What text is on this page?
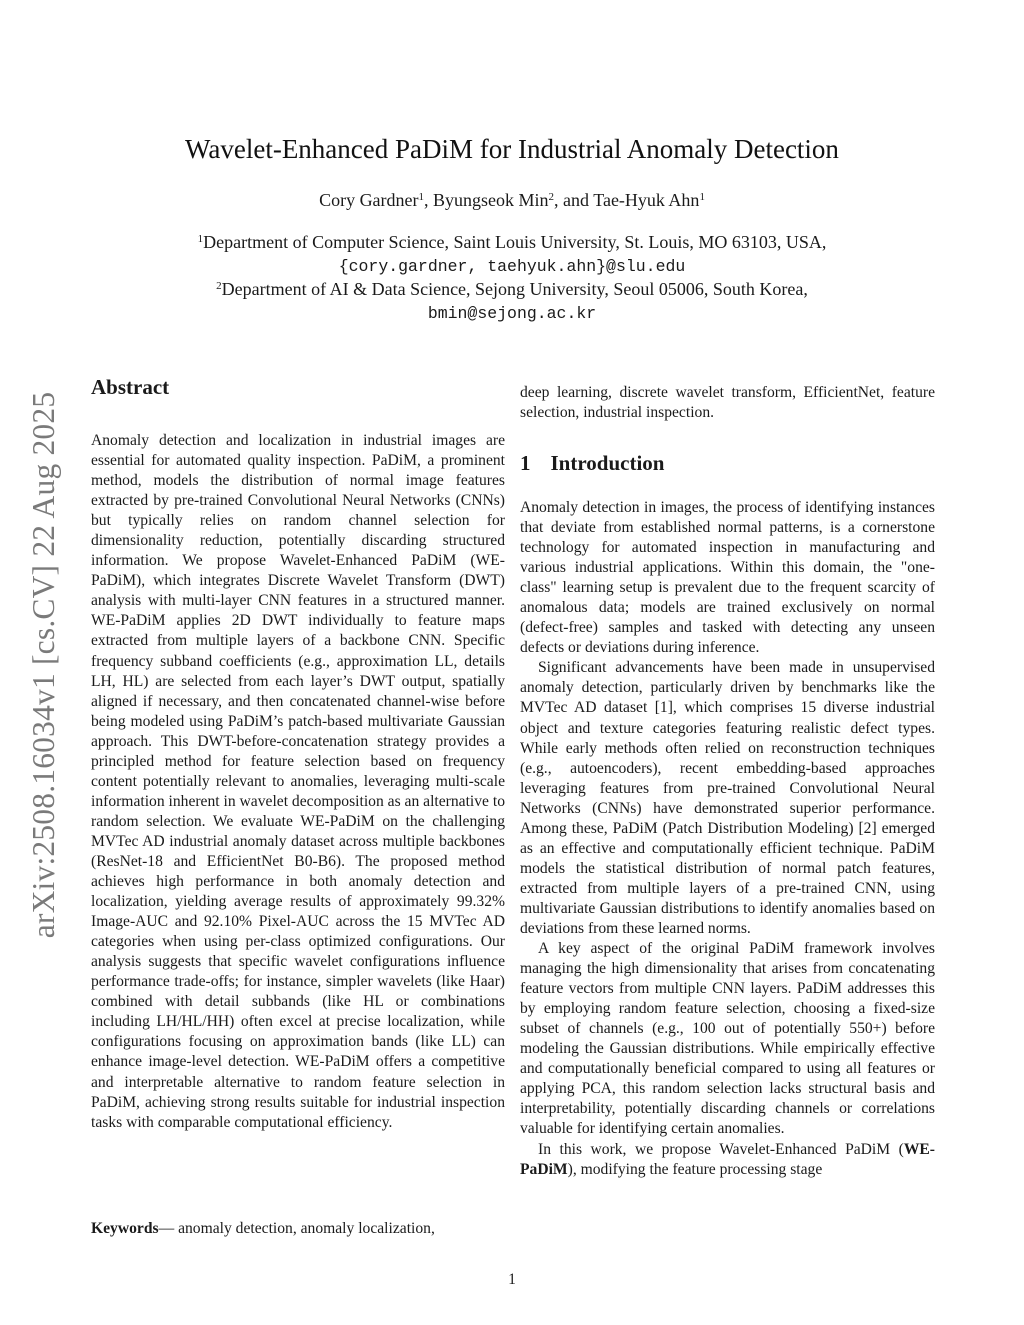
arXiv:2508.16034v1 [cs.CV] 22 Aug 2025
Wavelet-Enhanced PaDiM for Industrial Anomaly Detection
Cory Gardner$^1$, Byungseok Min$^2$, and Tae-Hyuk Ahn$^1$
$^1$Department of Computer Science, Saint Louis University, St. Louis, MO 63103, USA,
{cory.gardner, taehyuk.ahn}@slu.edu
$^2$Department of AI & Data Science, Sejong University, Seoul 05006, South Korea,
bmin@sejong.ac.kr
Abstract

Anomaly detection and localization in industrial images are essential for automated quality inspection. PaDiM, a prominent method, models the distribution of normal image features extracted by pre-trained Convolutional Neural Networks (CNNs) but typically relies on random channel selection for dimensionality reduction, potentially discarding structured information. We propose Wavelet-Enhanced PaDiM (WE-PaDiM), which integrates Discrete Wavelet Transform (DWT) analysis with multi-layer CNN features in a structured manner. WE-PaDiM applies 2D DWT individually to feature maps extracted from multiple layers of a backbone CNN. Specific frequency subband coefficients (e.g., approximation LL, details LH, HL) are selected from each layer’s DWT output, spatially aligned if necessary, and then concatenated channel-wise before being modeled using PaDiM’s patch-based multivariate Gaussian approach. This DWT-before-concatenation strategy provides a principled method for feature selection based on frequency content potentially relevant to anomalies, leveraging multi-scale information inherent in wavelet decomposition as an alternative to random selection. We evaluate WE-PaDiM on the challenging MVTec AD industrial anomaly dataset across multiple backbones (ResNet-18 and EfficientNet B0-B6). The proposed method achieves high performance in both anomaly detection and localization, yielding average results of approximately 99.32% Image-AUC and 92.10% Pixel-AUC across the 15 MVTec AD categories when using per-class optimized configurations. Our analysis suggests that specific wavelet configurations influence performance trade-offs; for instance, simpler wavelets (like Haar) combined with detail subbands (like HL or combinations including LH/HL/HH) often excel at precise localization, while configurations focusing on approximation bands (like LL) can enhance image-level detection. WE-PaDiM offers a competitive and interpretable alternative to random feature selection in PaDiM, achieving strong results suitable for industrial inspection tasks with comparable computational efficiency.

Keywords— anomaly detection, anomaly localization,

deep learning, discrete wavelet transform, EfficientNet, feature selection, industrial inspection.

1 Introduction

Anomaly detection in images, the process of identifying instances that deviate from established normal patterns, is a cornerstone technology for automated inspection in manufacturing and various industrial applications. Within this domain, the "one-class" learning setup is prevalent due to the frequent scarcity of anomalous data; models are trained exclusively on normal (defect-free) samples and tasked with detecting any unseen defects or deviations during inference.

Significant advancements have been made in unsupervised anomaly detection, particularly driven by benchmarks like the MVTec AD dataset [1], which comprises 15 diverse industrial object and texture categories featuring realistic defect types. While early methods often relied on reconstruction techniques (e.g., autoencoders), recent embedding-based approaches leveraging features from pre-trained Convolutional Neural Networks (CNNs) have demonstrated superior performance. Among these, PaDiM (Patch Distribution Modeling) [2] emerged as an effective and computationally efficient technique. PaDiM models the statistical distribution of normal patch features, extracted from multiple layers of a pre-trained CNN, using multivariate Gaussian distributions to identify anomalies based on deviations from these learned norms.

A key aspect of the original PaDiM framework involves managing the high dimensionality that arises from concatenating feature vectors from multiple CNN layers. PaDiM addresses this by employing random feature selection, choosing a fixed-size subset of channels (e.g., 100 out of potentially 550+) before modeling the Gaussian distributions. While empirically effective and computationally beneficial compared to using all features or applying PCA, this random selection lacks structural basis and interpretability, potentially discarding channels or correlations valuable for identifying certain anomalies.

In this work, we propose Wavelet-Enhanced PaDiM (WE-PaDiM), modifying the feature processing stage

1
